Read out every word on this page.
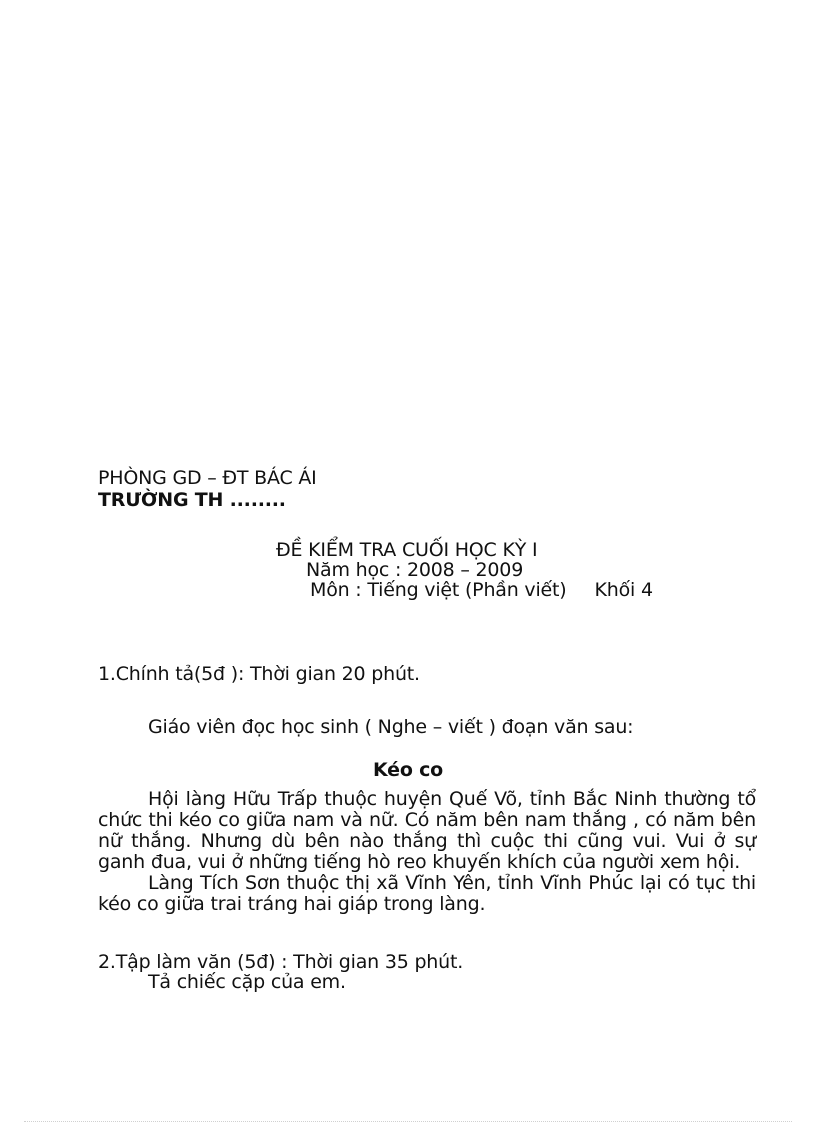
PHÒNG GD – ĐT BÁC ÁI
TRƯỜNG TH ........
ĐỀ KIỂM TRA CUỐI HỌC KỲ I
Năm học : 2008 – 2009
Môn : Tiếng việt (Phần viết) Khối 4
1.Chính tả(5đ ): Thời gian 20 phút.
Giáo viên đọc học sinh ( Nghe – viết ) đoạn văn sau:
Kéo co

Hội làng Hữu Trấp thuộc huyện Quế Võ, tỉnh Bắc Ninh thường tổ chức thi kéo co giữa nam và nữ. Có năm bên nam thắng , có năm bên nữ thắng. Nhưng dù bên nào thắng thì cuộc thi cũng vui. Vui ở sự ganh đua, vui ở những tiếng hò reo khuyến khích của người xem hội.

Làng Tích Sơn thuộc thị xã Vĩnh Yên, tỉnh Vĩnh Phúc lại có tục thi kéo co giữa trai tráng hai giáp trong làng.

2.Tập làm văn (5đ) : Thời gian 35 phút.
Tả chiếc cặp của em.
